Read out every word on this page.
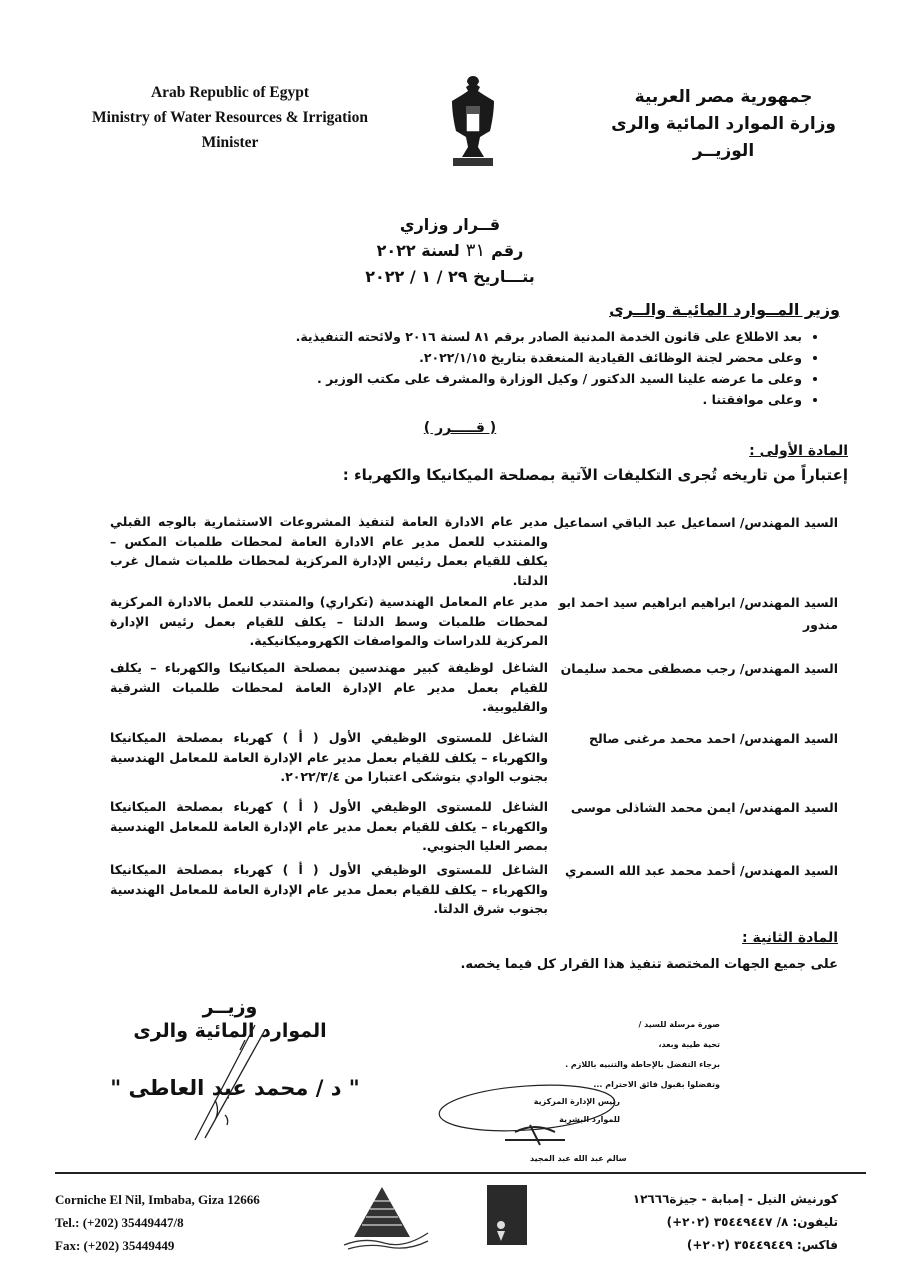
Arab Republic of Egypt
Ministry of Water Resources & Irrigation
Minister
جمهورية مصر العربية
وزارة الموارد المائية والرى
الوزيــر
قــرار وزاري
رقم٣١لسنة ٢٠٢٢
بتـــاريخ ٢٩ / ١ / ٢٠٢٢
وزير المــوارد المائيـة والــرى
• بعد الاطلاع على قانون الخدمة المدنية الصادر برقم ٨١ لسنة ٢٠١٦ ولائحته التنفيذية.
• وعلى محضر لجنة الوظائف القيادية المنعقدة بتاريخ ٢٠٢٢/١/١٥.
• وعلى ما عرضه علينا السيد الدكتور / وكيل الوزارة والمشرف على مكتب الوزير .
• وعلى موافقتنا .
( قـــــرر )
المادة الأولى :
إعتباراً من تاريخه تُجرى التكليفات الآتية بمصلحة الميكانيكا والكهرباء :
السيد المهندس/ اسماعيل عبد الباقي اسماعيل
مدير عام الادارة العامة لتنفيذ المشروعات الاستثمارية بالوجه القبلي والمنتدب للعمل مدير عام الادارة العامة لمحطات طلمبات المكس – يكلف للقيام بعمل رئيس الإدارة المركزية لمحطات طلمبات شمال غرب الدلتا.
السيد المهندس/ ابراهيم ابراهيم سيد احمد ابو مندور
مدير عام المعامل الهندسية (تكراري) والمنتدب للعمل بالادارة المركزية لمحطات طلمبات وسط الدلتا – يكلف للقيام بعمل رئيس الإدارة المركزية للدراسات والمواصفات الكهروميكانيكية.
السيد المهندس/ رجب مصطفى محمد سليمان
الشاغل لوظيفة كبير مهندسين بمصلحة الميكانيكا والكهرباء – يكلف للقيام بعمل مدير عام الإدارة العامة لمحطات طلمبات الشرقية والقليوبية.
السيد المهندس/ احمد محمد مرغنى صالح
الشاغل للمستوى الوظيفي الأول ( أ ) كهرباء بمصلحة الميكانيكا والكهرباء – يكلف للقيام بعمل مدير عام الإدارة العامة للمعامل الهندسية بجنوب الوادي بتوشكى اعتبارا من ٢٠٢٢/٣/٤.
السيد المهندس/ ايمن محمد الشاذلى موسى
الشاغل للمستوى الوظيفي الأول ( أ ) كهرباء بمصلحة الميكانيكا والكهرباء – يكلف للقيام بعمل مدير عام الإدارة العامة للمعامل الهندسية بمصر العليا الجنوبي.
السيد المهندس/ أحمد محمد عبد الله السمري
الشاغل للمستوى الوظيفي الأول ( أ ) كهرباء بمصلحة الميكانيكا والكهرباء – يكلف للقيام بعمل مدير عام الإدارة العامة للمعامل الهندسية بجنوب شرق الدلتا.
المادة الثانية :
على جميع الجهات المختصة تنفيذ هذا القرار كل فيما يخصه.
وزيــر
الموارد المائية والرى
" د / محمد عبد العاطى "
صورة مرسلة للسيد /
تحية طيبة وبعد،
برجاء التفضل بالإحاطة والتنبيه باللازم .
وتفضلوا بقبول فائق الاحترام ...
رئيس الإدارة المركزية
للموارد البشرية
سالم عبد الله عبد المجيد
Corniche El Nil, Imbaba, Giza 12666
Tel.: (+202) 35449447/8
Fax: (+202) 35449449
كورنيش النيل - إمبابة - جيزة١٢٦٦٦
تليفون: ٨/ ٣٥٤٤٩٤٤٧ (٢٠٢+)
فاكس: ٣٥٤٤٩٤٤٩ (٢٠٢+)
